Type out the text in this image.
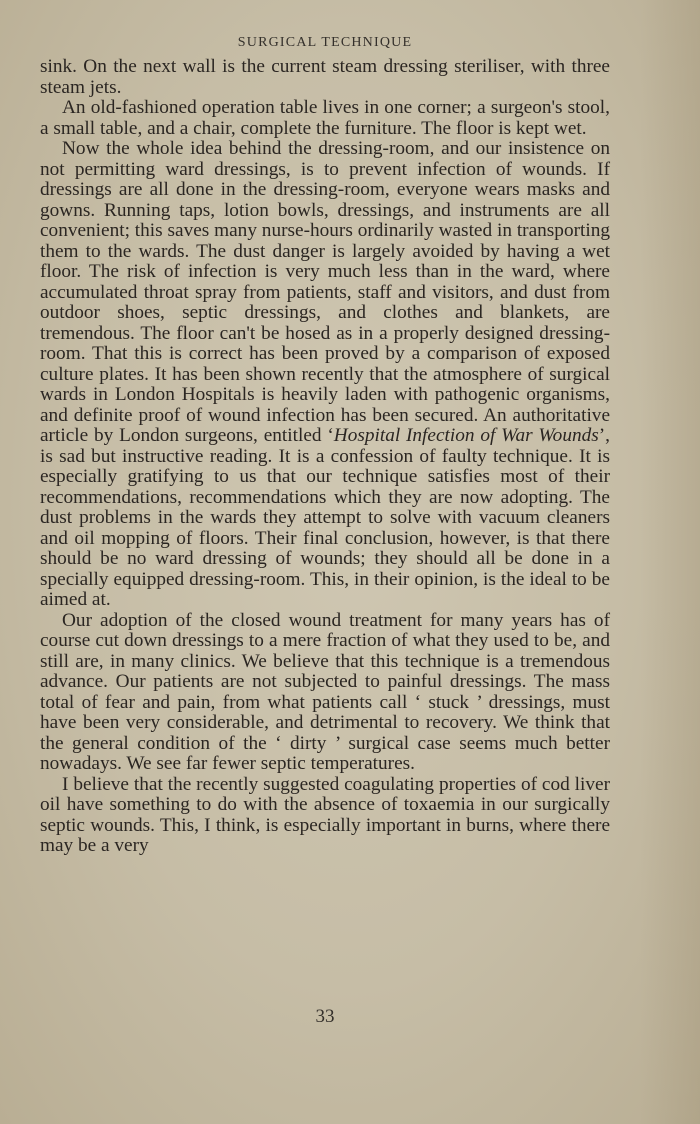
SURGICAL TECHNIQUE

sink. On the next wall is the current steam dressing steriliser, with three steam jets.

An old-fashioned operation table lives in one corner; a surgeon's stool, a small table, and a chair, complete the furniture. The floor is kept wet.

Now the whole idea behind the dressing-room, and our insistence on not permitting ward dressings, is to prevent infection of wounds. If dressings are all done in the dressing-room, everyone wears masks and gowns. Running taps, lotion bowls, dressings, and instruments are all convenient; this saves many nurse-hours ordinarily wasted in transporting them to the wards. The dust danger is largely avoided by having a wet floor. The risk of infection is very much less than in the ward, where accumulated throat spray from patients, staff and visitors, and dust from outdoor shoes, septic dressings, and clothes and blankets, are tremendous. The floor can't be hosed as in a properly designed dressing-room. That this is correct has been proved by a comparison of exposed culture plates. It has been shown recently that the atmosphere of surgical wards in London Hospitals is heavily laden with pathogenic organisms, and definite proof of wound infection has been secured. An authoritative article by London surgeons, entitled ‘Hospital Infection of War Wounds’, is sad but instructive reading. It is a confession of faulty technique. It is especially gratifying to us that our technique satisfies most of their recommendations, recommendations which they are now adopting. The dust problems in the wards they attempt to solve with vacuum cleaners and oil mopping of floors. Their final conclusion, however, is that there should be no ward dressing of wounds; they should all be done in a specially equipped dressing-room. This, in their opinion, is the ideal to be aimed at.

Our adoption of the closed wound treatment for many years has of course cut down dressings to a mere fraction of what they used to be, and still are, in many clinics. We believe that this technique is a tremendous advance. Our patients are not subjected to painful dressings. The mass total of fear and pain, from what patients call ‘ stuck ’ dressings, must have been very considerable, and detrimental to recovery. We think that the general condition of the ‘ dirty ’ surgical case seems much better nowadays. We see far fewer septic temperatures.

I believe that the recently suggested coagulating properties of cod liver oil have something to do with the absence of toxaemia in our surgically septic wounds. This, I think, is especially important in burns, where there may be a very

33
